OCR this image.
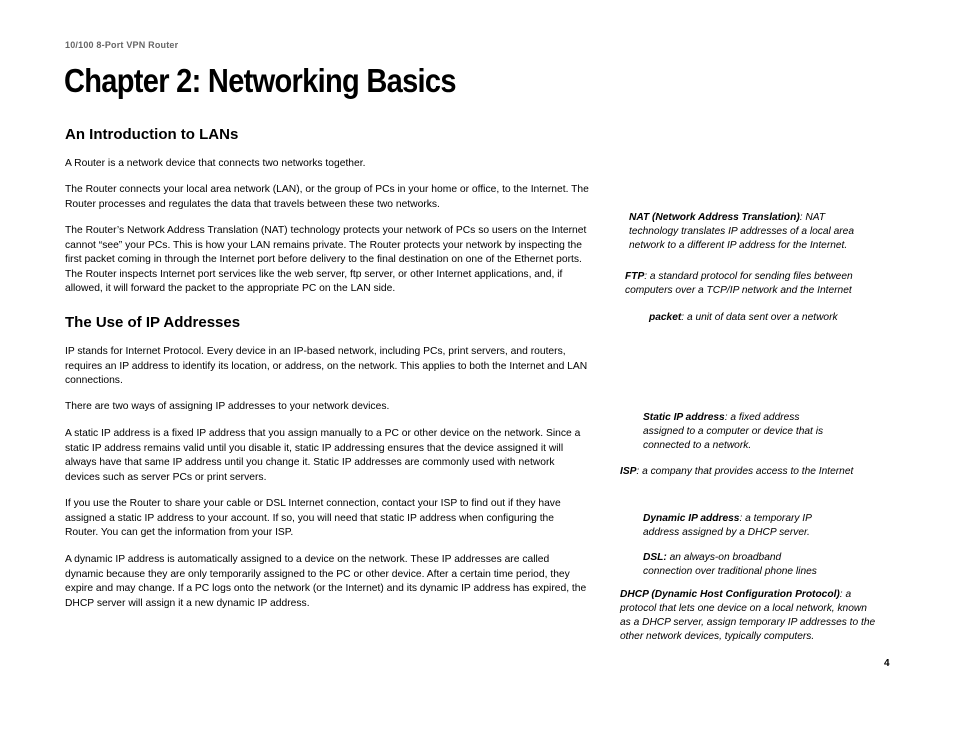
10/100 8-Port VPN Router
Chapter 2: Networking Basics
An Introduction to LANs

A Router is a network device that connects two networks together.

The Router connects your local area network (LAN), or the group of PCs in your home or office, to the Internet. The Router processes and regulates the data that travels between these two networks.

The Router’s Network Address Translation (NAT) technology protects your network of PCs so users on the Internet cannot “see” your PCs. This is how your LAN remains private. The Router protects your network by inspecting the first packet coming in through the Internet port before delivery to the final destination on one of the Ethernet ports. The Router inspects Internet port services like the web server, ftp server, or other Internet applications, and, if allowed, it will forward the packet to the appropriate PC on the LAN side.

The Use of IP Addresses

IP stands for Internet Protocol. Every device in an IP-based network, including PCs, print servers, and routers, requires an IP address to identify its location, or address, on the network. This applies to both the Internet and LAN connections.

There are two ways of assigning IP addresses to your network devices.

A static IP address is a fixed IP address that you assign manually to a PC or other device on the network. Since a static IP address remains valid until you disable it, static IP addressing ensures that the device assigned it will always have that same IP address until you change it. Static IP addresses are commonly used with network devices such as server PCs or print servers.

If you use the Router to share your cable or DSL Internet connection, contact your ISP to find out if they have assigned a static IP address to your account. If so, you will need that static IP address when configuring the Router. You can get the information from your ISP.

A dynamic IP address is automatically assigned to a device on the network. These IP addresses are called dynamic because they are only temporarily assigned to the PC or other device. After a certain time period, they expire and may change. If a PC logs onto the network (or the Internet) and its dynamic IP address has expired, the DHCP server will assign it a new dynamic IP address.

NAT (Network Address Translation): NAT technology translates IP addresses of a local area network to a different IP address for the Internet.

FTP: a standard protocol for sending files between computers over a TCP/IP network and the Internet

packet: a unit of data sent over a network

Static IP address: a fixed address assigned to a computer or device that is connected to a network.

ISP: a company that provides access to the Internet

Dynamic IP address: a temporary IP address assigned by a DHCP server.

DSL: an always-on broadband connection over traditional phone lines

DHCP (Dynamic Host Configuration Protocol): a protocol that lets one device on a local network, known as a DHCP server, assign temporary IP addresses to the other network devices, typically computers.

4
